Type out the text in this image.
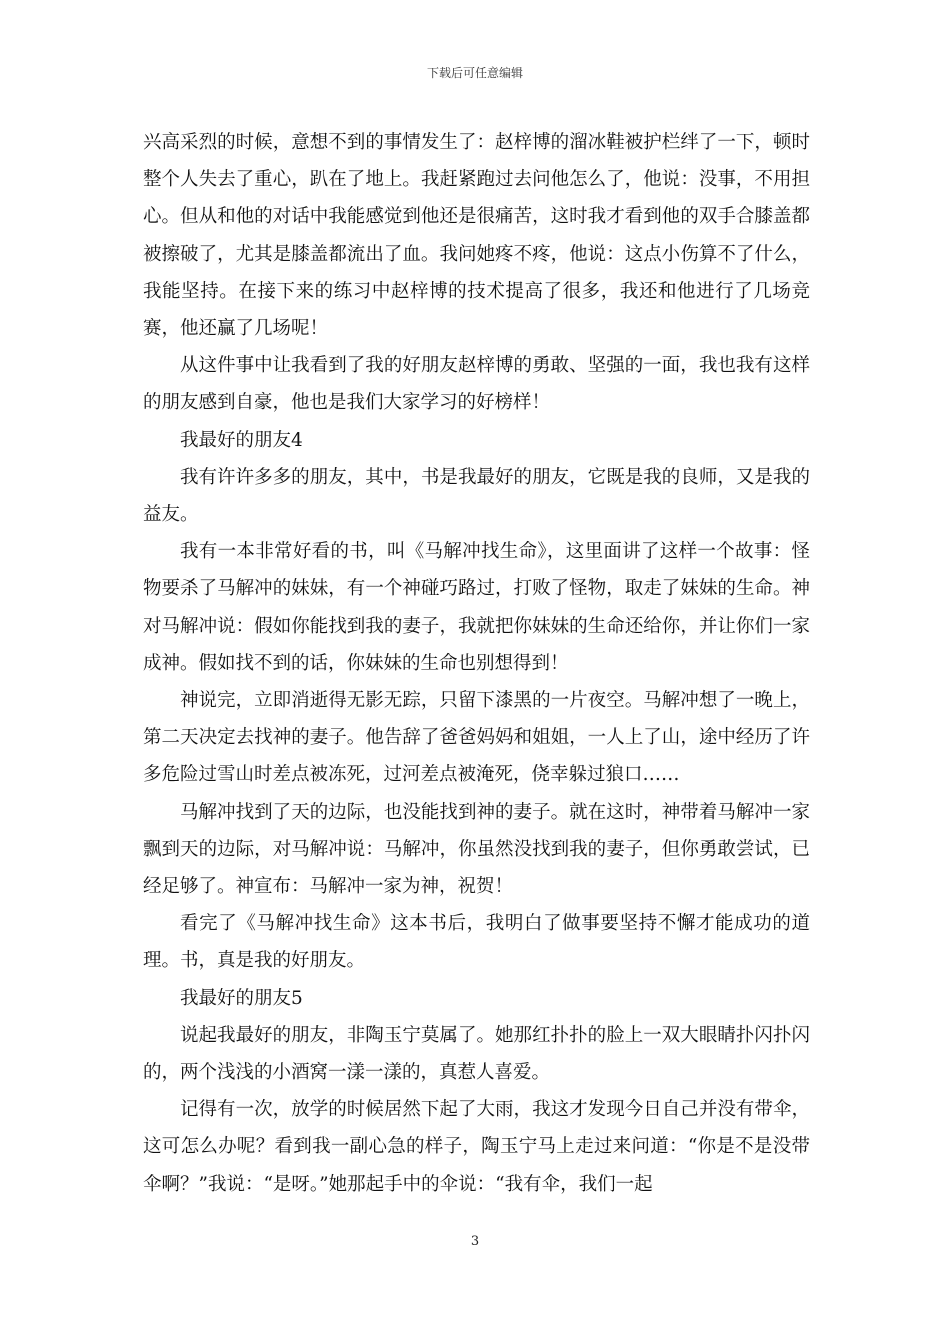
下载后可任意编辑

兴高采烈的时候，意想不到的事情发生了：赵梓博的溜冰鞋被护栏绊了一下，顿时整个人失去了重心，趴在了地上。我赶紧跑过去问他怎么了，他说：没事，不用担心。但从和他的对话中我能感觉到他还是很痛苦，这时我才看到他的双手合膝盖都被擦破了，尤其是膝盖都流出了血。我问她疼不疼，他说：这点小伤算不了什么，我能坚持。在接下来的练习中赵梓博的技术提高了很多，我还和他进行了几场竞赛，他还赢了几场呢！

从这件事中让我看到了我的好朋友赵梓博的勇敢、坚强的一面，我也我有这样的朋友感到自豪，他也是我们大家学习的好榜样！

我最好的朋友4

我有许许多多的朋友，其中，书是我最好的朋友，它既是我的良师，又是我的益友。

我有一本非常好看的书，叫《马解冲找生命》，这里面讲了这样一个故事：怪物要杀了马解冲的妹妹，有一个神碰巧路过，打败了怪物，取走了妹妹的生命。神对马解冲说：假如你能找到我的妻子，我就把你妹妹的生命还给你，并让你们一家成神。假如找不到的话，你妹妹的生命也别想得到！

神说完，立即消逝得无影无踪，只留下漆黑的一片夜空。马解冲想了一晚上，第二天决定去找神的妻子。他告辞了爸爸妈妈和姐姐，一人上了山，途中经历了许多危险过雪山时差点被冻死，过河差点被淹死，侥幸躲过狼口……

马解冲找到了天的边际，也没能找到神的妻子。就在这时，神带着马解冲一家飘到天的边际，对马解冲说：马解冲，你虽然没找到我的妻子，但你勇敢尝试，已经足够了。神宣布：马解冲一家为神，祝贺！

看完了《马解冲找生命》这本书后，我明白了做事要坚持不懈才能成功的道理。书，真是我的好朋友。

我最好的朋友5

说起我最好的朋友，非陶玉宁莫属了。她那红扑扑的脸上一双大眼睛扑闪扑闪的，两个浅浅的小酒窝一漾一漾的，真惹人喜爱。

记得有一次，放学的时候居然下起了大雨，我这才发现今日自己并没有带伞，这可怎么办呢？看到我一副心急的样子，陶玉宁马上走过来问道：“你是不是没带伞啊？”我说：“是呀。”她那起手中的伞说：“我有伞，我们一起

3
